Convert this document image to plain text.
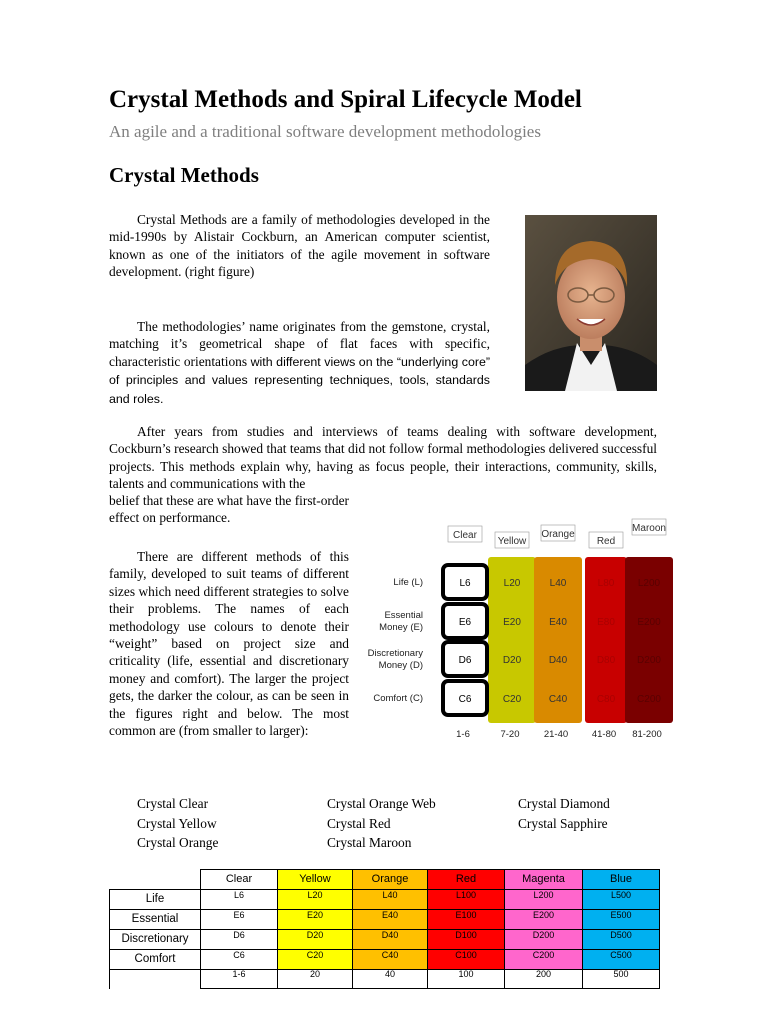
Crystal Methods and Spiral Lifecycle Model
An agile and a traditional software development methodologies
Crystal Methods
Crystal Methods are a family of methodologies developed in the mid-1990s by Alistair Cockburn, an American computer scientist, known as one of the initiators of the agile movement in software development. (right figure)
The methodologies’ name originates from the gemstone, crystal, matching it’s geometrical shape of flat faces with specific, characteristic orientations with different views on the “underlying core” of principles and values representing techniques, tools, standards and roles.
After years from studies and interviews of teams dealing with software development, Cockburn’s research showed that teams that did not follow formal methodologies delivered successful projects. This methods explain why, having as focus people, their interactions, community, skills, talents and communications with the
belief that these are what have the first-order effect on performance.
There are different methods of this family, developed to suit teams of different sizes which need different strategies to solve their problems. The names of each methodology use colours to denote their “weight” based on project size and criticality (life, essential and discretionary money and comfort). The larger the project gets, the darker the colour, as can be seen in the figures right and below. The most common are (from smaller to larger):
Clear
Yellow
Orange
Red
Maroon
L6	L20	L40	L80 L200
E6	E20	E40	E80 E200
D6	D20	D40	D80 D200
C6	C20	C40	C80 C200
Life (L)
Essential
Money (E)
Discretionary
Money (D)
Comfort (C)
1-6	7-20	21-40 41-80 81-200
Crystal Clear
Crystal Yellow
Crystal Orange
Crystal Orange Web
Crystal Red
Crystal Maroon
Crystal Diamond
Crystal Sapphire
	Clear	Yellow	Orange	Red	Magenta	Blue
Life	L6	L20	L40	L100	L200	L500
Essential	E6	E20	E40	E100	E200	E500
Discretionary	D6	D20	D40	D100	D200	D500
Comfort	C6	C20	C40	C100	C200	C500
	1-6	20	40	100	200	500
